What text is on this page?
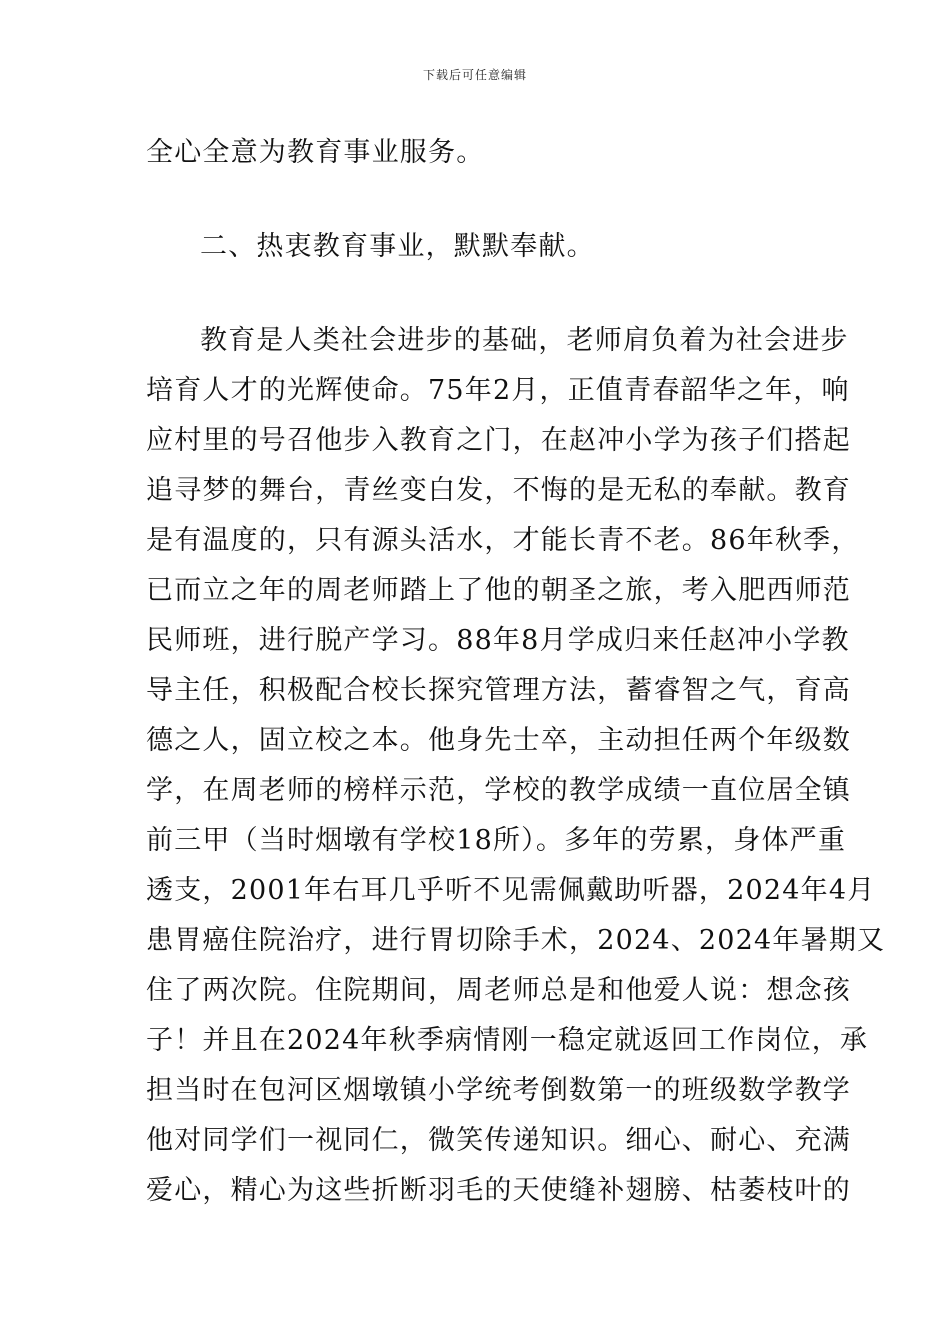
下载后可任意编辑
全心全意为教育事业服务。
二、热衷教育事业，默默奉献。
教育是人类社会进步的基础，老师肩负着为社会进步
培育人才的光辉使命。75年2月，正值青春韶华之年，响
应村里的号召他步入教育之门，在赵冲小学为孩子们搭起
追寻梦的舞台，青丝变白发，不悔的是无私的奉献。教育
是有温度的，只有源头活水，才能长青不老。86年秋季，
已而立之年的周老师踏上了他的朝圣之旅，考入肥西师范
民师班，进行脱产学习。88年8月学成归来任赵冲小学教
导主任，积极配合校长探究管理方法，蓄睿智之气，育高
德之人，固立校之本。他身先士卒，主动担任两个年级数
学，在周老师的榜样示范，学校的教学成绩一直位居全镇
前三甲（当时烟墩有学校18所）。多年的劳累，身体严重
透支，2001年右耳几乎听不见需佩戴助听器，2024年4月
患胃癌住院治疗，进行胃切除手术，2024、2024年暑期又
住了两次院。住院期间，周老师总是和他爱人说：想念孩
子！并且在2024年秋季病情刚一稳定就返回工作岗位，承
担当时在包河区烟墩镇小学统考倒数第一的班级数学教学
他对同学们一视同仁，微笑传递知识。细心、耐心、充满
爱心，精心为这些折断羽毛的天使缝补翅膀、枯萎枝叶的
